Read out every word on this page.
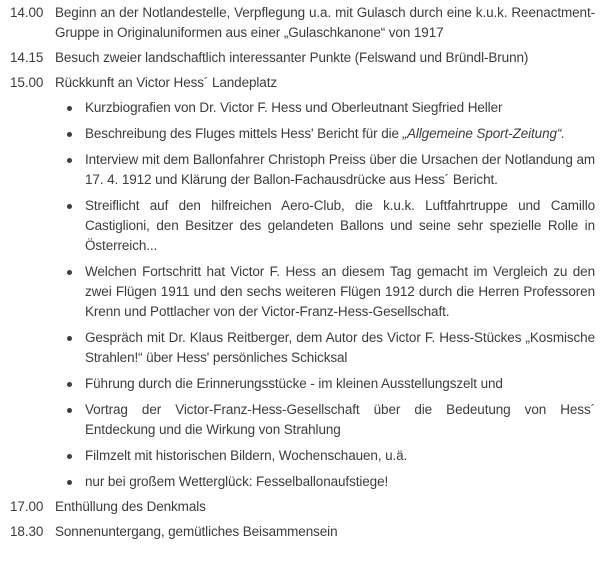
14.00 Beginn an der Notlandestelle, Verpflegung u.a. mit Gulasch durch eine k.u.k. Reenactment-Gruppe in Originaluniformen aus einer „Gulaschkanone“ von 1917

14.15 Besuch zweier landschaftlich interessanter Punkte (Felswand und Bründl-Brunn)

15.00 Rückkunft an Victor Hess´ Landeplatz

Kurzbiografien von Dr. Victor F. Hess und Oberleutnant Siegfried Heller

Beschreibung des Fluges mittels Hess' Bericht für die „Allgemeine Sport-Zeitung“.

Interview mit dem Ballonfahrer Christoph Preiss über die Ursachen der Notlandung am 17. 4. 1912 und Klärung der Ballon-Fachausdrücke aus Hess´ Bericht.

Streiflicht auf den hilfreichen Aero-Club, die k.u.k. Luftfahrtruppe und Camillo Castiglioni, den Besitzer des gelandeten Ballons und seine sehr spezielle Rolle in Österreich...

Welchen Fortschritt hat Victor F. Hess an diesem Tag gemacht im Vergleich zu den zwei Flügen 1911 und den sechs weiteren Flügen 1912 durch die Herren Professoren Krenn und Pottlacher von der Victor-Franz-Hess-Gesellschaft.

Gespräch mit Dr. Klaus Reitberger, dem Autor des Victor F. Hess-Stückes „Kosmische Strahlen!“ über Hess' persönliches Schicksal

Führung durch die Erinnerungsstücke - im kleinen Ausstellungszelt und

Vortrag der Victor-Franz-Hess-Gesellschaft über die Bedeutung von Hess´ Entdeckung und die Wirkung von Strahlung

Filmzelt mit historischen Bildern, Wochenschauen, u.ä.

nur bei großem Wetterglück: Fesselballonaufstiege!

17.00 Enthüllung des Denkmals

18.30 Sonnenuntergang, gemütliches Beisammensein
